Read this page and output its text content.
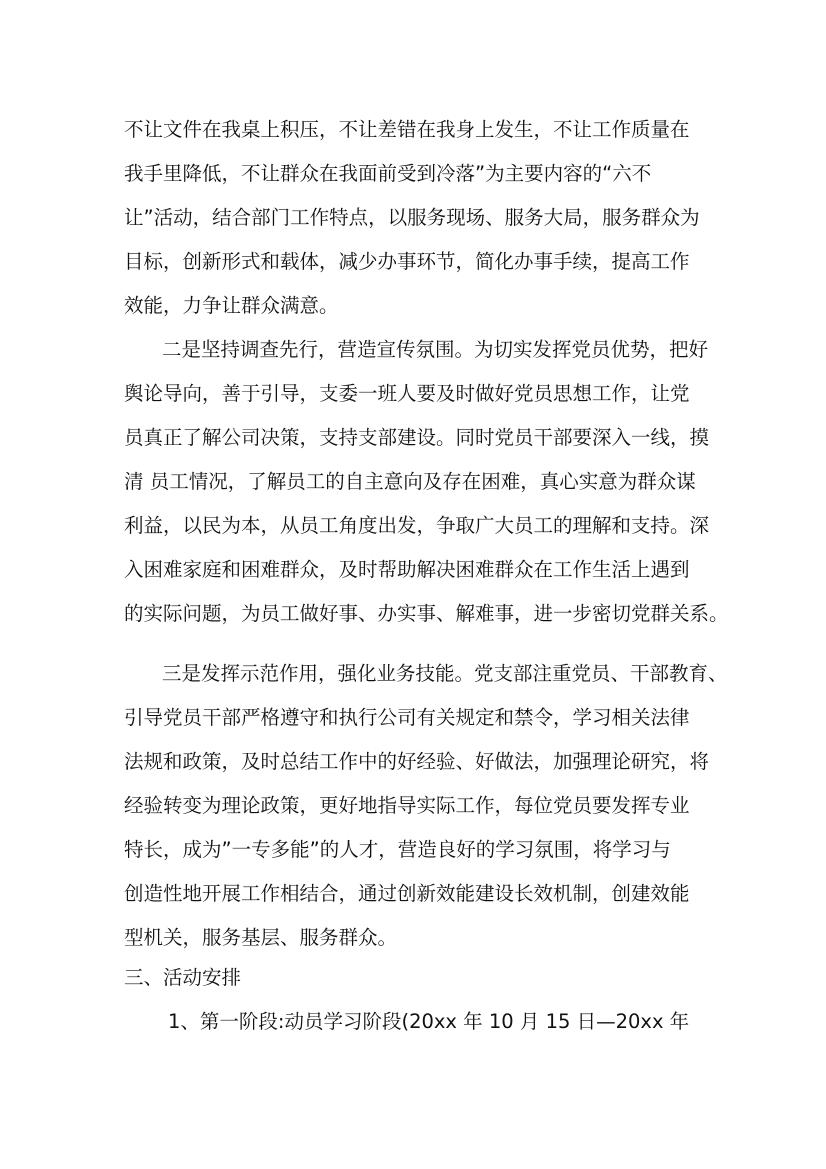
不让文件在我桌上积压，不让差错在我身上发生，不让工作质量在
我手里降低，不让群众在我面前受到冷落”为主要内容的“六不
让”活动，结合部门工作特点，以服务现场、服务大局，服务群众为
目标，创新形式和载体，减少办事环节，简化办事手续，提高工作
效能，力争让群众满意。
二是坚持调查先行，营造宣传氛围。为切实发挥党员优势，把好
舆论导向，善于引导，支委一班人要及时做好党员思想工作，让党
员真正了解公司决策，支持支部建设。同时党员干部要深入一线，摸
清 员工情况，了解员工的自主意向及存在困难，真心实意为群众谋
利益，以民为本，从员工角度出发，争取广大员工的理解和支持。深
入困难家庭和困难群众，及时帮助解决困难群众在工作生活上遇到
的实际问题，为员工做好事、办实事、解难事，进一步密切党群关系。
三是发挥示范作用，强化业务技能。党支部注重党员、干部教育、
引导党员干部严格遵守和执行公司有关规定和禁令，学习相关法律
法规和政策，及时总结工作中的好经验、好做法，加强理论研究，将
经验转变为理论政策，更好地指导实际工作，每位党员要发挥专业
特长，成为”一专多能”的人才，营造良好的学习氛围，将学习与
创造性地开展工作相结合，通过创新效能建设长效机制，创建效能
型机关，服务基层、服务群众。
三、活动安排
1、第一阶段:动员学习阶段(20xx 年 10 月 15 日—20xx 年
